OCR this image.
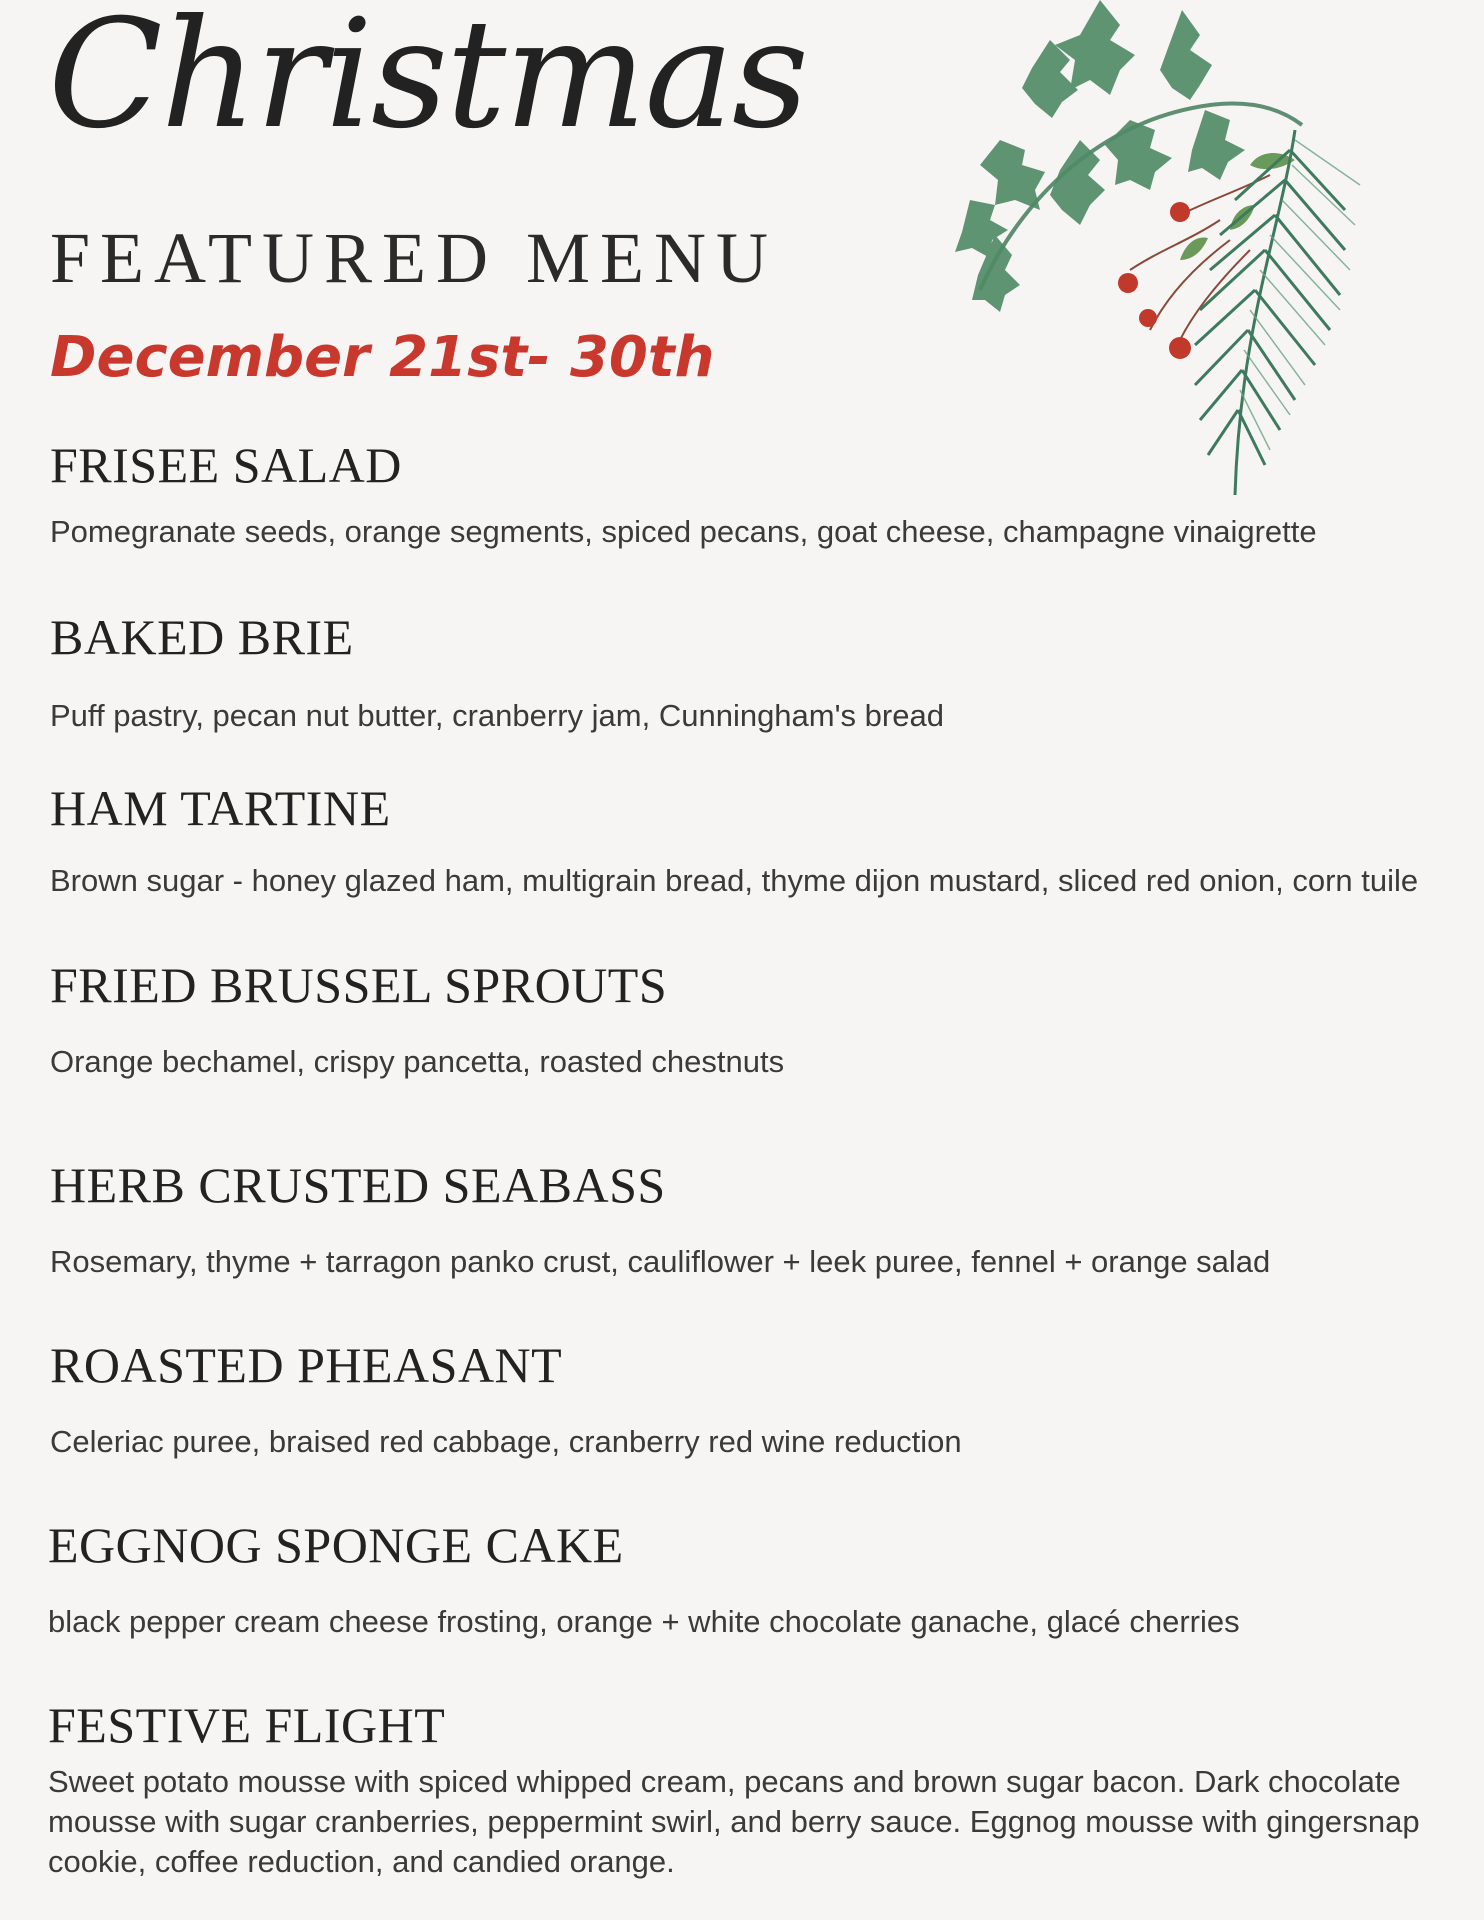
Christmas
FEATURED MENU
December 21st- 30th
FRISEE SALAD
Pomegranate seeds, orange segments, spiced pecans, goat cheese, champagne vinaigrette
BAKED BRIE
Puff pastry, pecan nut butter, cranberry jam, Cunningham's bread
HAM TARTINE
Brown sugar - honey glazed ham, multigrain bread, thyme dijon mustard, sliced red onion, corn tuile
FRIED BRUSSEL SPROUTS
Orange bechamel, crispy pancetta, roasted chestnuts
HERB CRUSTED SEABASS
Rosemary, thyme + tarragon panko crust, cauliflower + leek puree, fennel + orange salad
ROASTED PHEASANT
Celeriac puree, braised red cabbage, cranberry red wine reduction
EGGNOG SPONGE CAKE
black pepper cream cheese frosting, orange + white chocolate ganache, glacé cherries
FESTIVE FLIGHT
Sweet potato mousse with spiced whipped cream, pecans and brown sugar bacon. Dark chocolate mousse with sugar cranberries, peppermint swirl, and berry sauce. Eggnog mousse with gingersnap cookie, coffee reduction, and candied orange.
